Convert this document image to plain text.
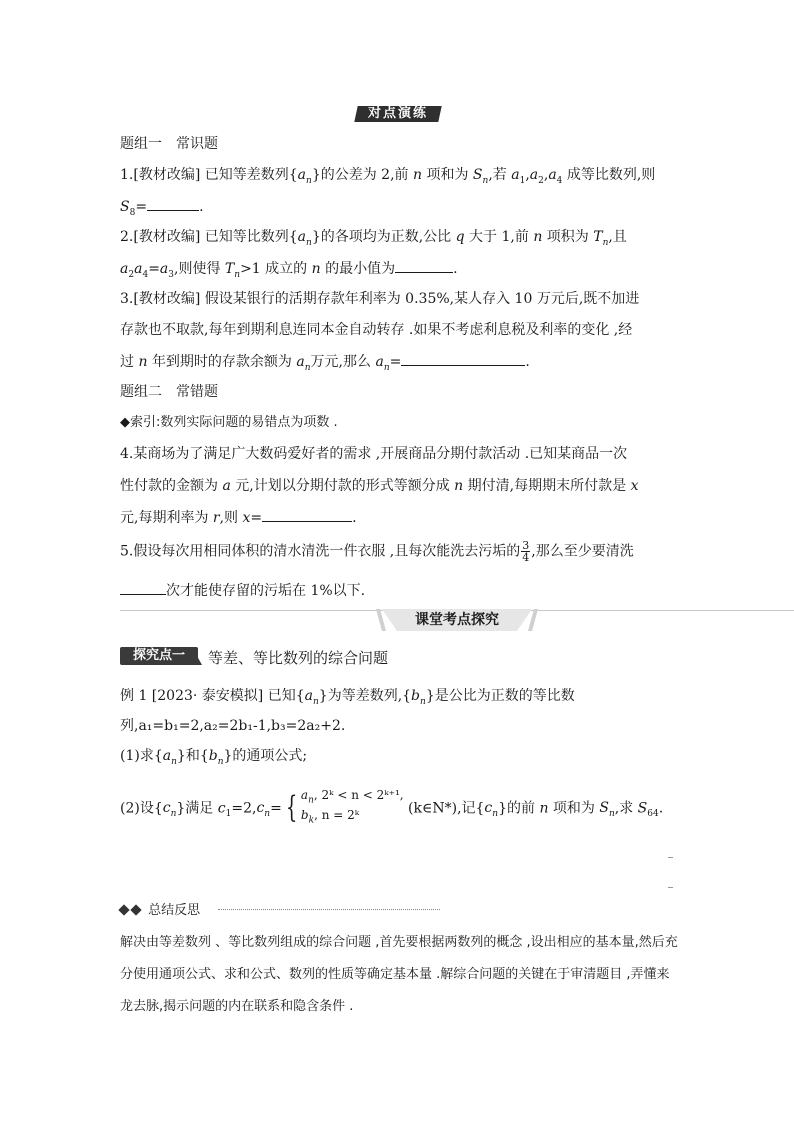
对点演练
题组一　常识题
1.[教材改编] 已知等差数列$\{a_n\}$的公差为 2,前 n 项和为 $S_n$,若 $a_1,a_2,a_4$ 成等比数列,则
$S_8=$	.
2.[教材改编] 已知等比数列$\{a_n\}$的各项均为正数,公比 q 大于 1,前 n 项积为 $T_n$,且
$a_2a_4=a_3$,则使得 $T_n>1$ 成立的 n 的最小值为	.
3.[教材改编] 假设某银行的活期存款年利率为 0.35%,某人存入 10 万元后,既不加进
存款也不取款,每年到期利息连同本金自动转存 .如果不考虑利息税及利率的变化 ,经
过 n 年到期时的存款余额为 $a_n$万元,那么 $a_n=$	.
题组二　常错题
◆索引:数列实际问题的易错点为项数 .
4.某商场为了满足广大数码爱好者的需求 ,开展商品分期付款活动 .已知某商品一次
性付款的金额为 a 元,计划以分期付款的形式等额分成 n 期付清,每期期末所付款是 x
元,每期利率为 r,则 x=	.
5.假设每次用相同体积的清水清洗一件衣服 ,且每次能洗去污垢的 $\frac{3}{4}$ ,那么至少要清洗
次才能使存留的污垢在 1%以下.
课堂考点探究
探究点一	等差、等比数列的综合问题
例 1 [2023· 泰安模拟] 已知$\{a_n\}$为等差数列$,\{b_n\}$是公比为正数的等比数
列,a₁=b₁=2,a₂=2b₁-1,b₃=2a₂+2.
(1)求$\{a_n\}$和$\{b_n\}$的通项公式;
(2)设$\{c_n\}$满足 $c_1=2,c_n=$ { $a_n$, 2ᵏ < n < 2ᵏ⁺¹,
$b_k$, n = 2ᵏ	(k∈N*),记$\{c_n\}$的前 n 项和为 $S_n$,求 $S_{64}$.
总结反思
解决由等差数列 、等比数列组成的综合问题 ,首先要根据两数列的概念 ,设出相应的基本量,然后充
分使用通项公式、求和公式、数列的性质等确定基本量 .解综合问题的关键在于审清题目 ,弄懂来
龙去脉,揭示问题的内在联系和隐含条件 .
